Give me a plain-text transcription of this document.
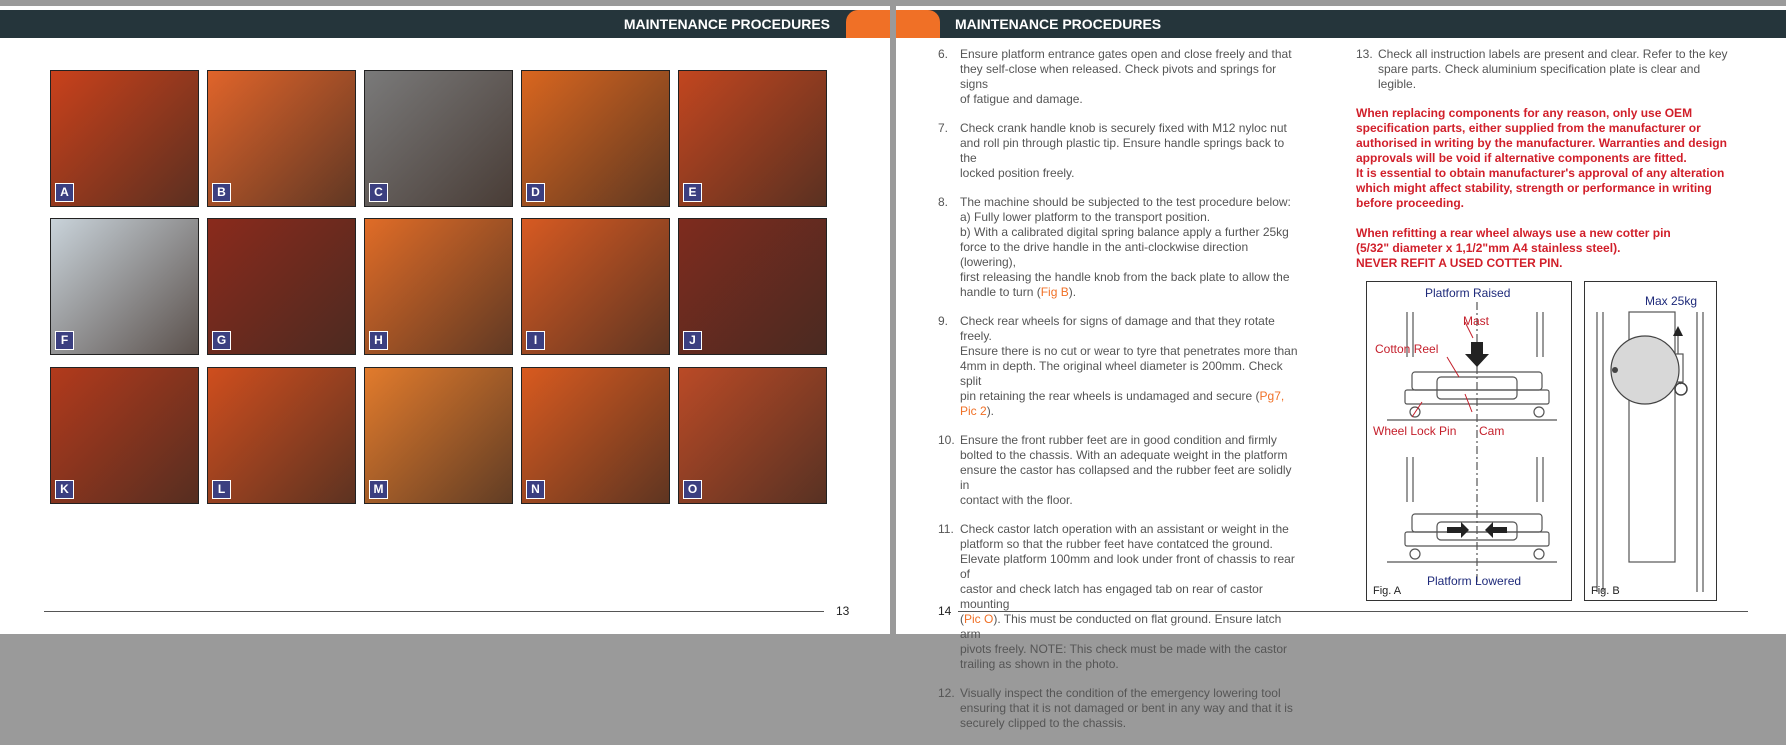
MAINTENANCE PROCEDURES
A	B	C	D	E
F	G	H	I	J
K	L	M	N	O
13
MAINTENANCE PROCEDURES
6. Ensure platform entrance gates open and close freely and that
they self-close when released. Check pivots and springs for signs
of fatigue and damage.
7. Check crank handle knob is securely fixed with M12 nyloc nut
and roll pin through plastic tip. Ensure handle springs back to the
locked position freely.
8. The machine should be subjected to the test procedure below:
a) Fully lower platform to the transport position.
b) With a calibrated digital spring balance apply a further 25kg
force to the drive handle in the anti-clockwise direction (lowering),
first releasing the handle knob from the back plate to allow the
handle to turn (Fig B).
9. Check rear wheels for signs of damage and that they rotate freely.
Ensure there is no cut or wear to tyre that penetrates more than
4mm in depth. The original wheel diameter is 200mm. Check split
pin retaining the rear wheels is undamaged and secure (Pg7, Pic 2).
10. Ensure the front rubber feet are in good condition and firmly
bolted to the chassis. With an adequate weight in the platform
ensure the castor has collapsed and the rubber feet are solidly in
contact with the floor.
11. Check castor latch operation with an assistant or weight in the
platform so that the rubber feet have contatced the ground.
Elevate platform 100mm and look under front of chassis to rear of
castor and check latch has engaged tab on rear of castor mounting
(Pic O). This must be conducted on flat ground. Ensure latch arm
pivots freely. NOTE: This check must be made with the castor
trailing as shown in the photo.
12. Visually inspect the condition of the emergency lowering tool
ensuring that it is not damaged or bent in any way and that it is
securely clipped to the chassis.
13. Check all instruction labels are present and clear. Refer to the key
spare parts. Check aluminium specification plate is clear and
legible.
When replacing components for any reason, only use OEM
specification parts, either supplied from the manufacturer or
authorised in writing by the manufacturer. Warranties and design
approvals will be void if alternative components are fitted.
It is essential to obtain manufacturer's approval of any alteration
which might affect stability, strength or performance in writing
before proceeding.
When refitting a rear wheel always use a new cotter pin
(5/32" diameter x 1,1/2"mm A4 stainless steel).
NEVER REFIT A USED COTTER PIN.
Platform Raised
Mast
Cotton Reel
Wheel Lock Pin Cam
Platform Lowered
Fig. A
Max 25kg
Fig. B
14
